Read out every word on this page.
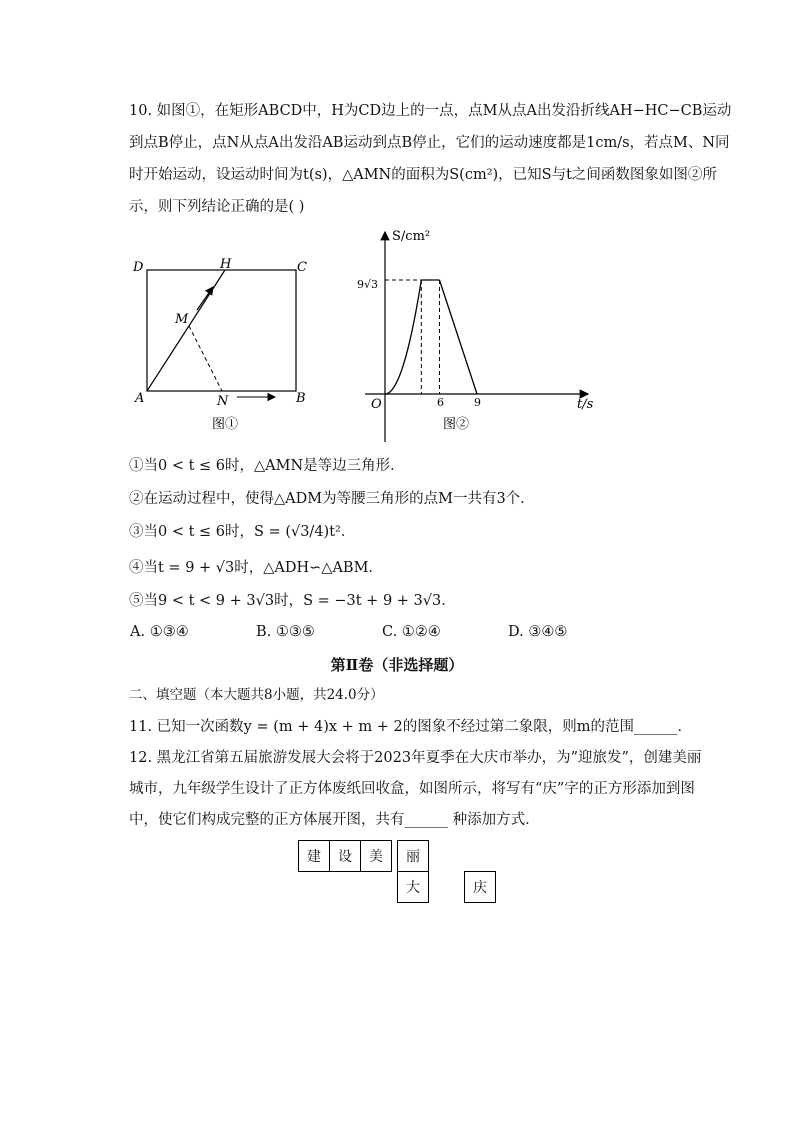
10. 如图①，在矩形ABCD中，H为CD边上的一点，点M从点A出发沿折线AH−HC−CB运动
到点B停止，点N从点A出发沿AB运动到点B停止，它们的运动速度都是1cm/s，若点M、N同
时开始运动，设运动时间为t(s)，△AMN的面积为S(cm²)，已知S与t之间函数图象如图②所
示，则下列结论正确的是( )
D	H	C
M
A	N	B
图①
S/cm²
t/s
O
9√3
6	9
图②
①当0 < t ≤ 6时，△AMN是等边三角形．
②在运动过程中，使得△ADM为等腰三角形的点M一共有3个．
③当0 < t ≤ 6时，S = (√3/4)t²．
④当t = 9 + √3时，△ADH∽△ABM．
⑤当9 < t < 9 + 3√3时，S = −3t + 9 + 3√3．
A. ①③④	B. ①③⑤	C. ①②④	D. ③④⑤
第Ⅱ卷（非选择题）
二、填空题（本大题共8小题，共24.0分）
11. 已知一次函数y = (m + 4)x + m + 2的图象不经过第二象限，则m的范围______．
12. 黑龙江省第五届旅游发展大会将于2023年夏季在大庆市举办，为”迎旅发”，创建美丽
城市，九年级学生设计了正方体废纸回收盒，如图所示，将写有“庆”字的正方形添加到图
中，使它们构成完整的正方体展开图，共有______ 种添加方式．
建	设	美	丽
大	庆
